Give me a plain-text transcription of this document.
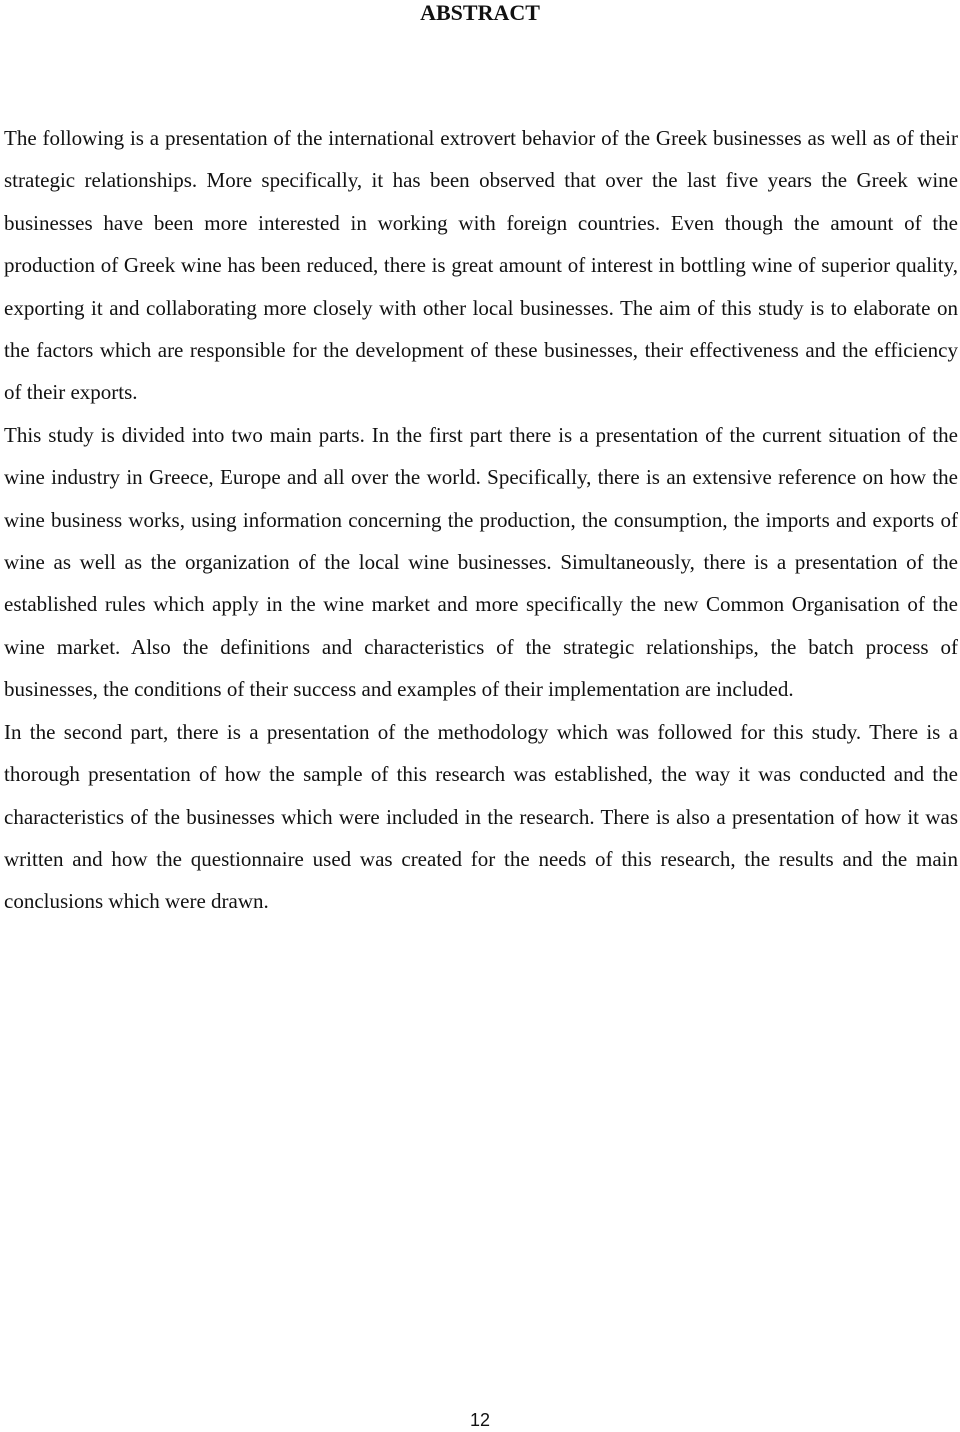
ABSTRACT

The following is a presentation of the international extrovert behavior of the Greek businesses as well as of their strategic relationships. More specifically, it has been observed that over the last five years the Greek wine businesses have been more interested in working with foreign countries. Even though the amount of the production of Greek wine has been reduced, there is great amount of interest in bottling wine of superior quality, exporting it and collaborating more closely with other local businesses. The aim of this study is to elaborate on the factors which are responsible for the development of these businesses, their effectiveness and the efficiency of their exports.

This study is divided into two main parts. In the first part there is a presentation of the current situation of the wine industry in Greece, Europe and all over the world. Specifically, there is an extensive reference on how the wine business works, using information concerning the production, the consumption, the imports and exports of wine as well as the organization of the local wine businesses. Simultaneously, there is a presentation of the established rules which apply in the wine market and more specifically the new Common Organisation of the wine market. Also the definitions and characteristics of the strategic relationships, the batch process of businesses, the conditions of their success and examples of their implementation are included.

In the second part, there is a presentation of the methodology which was followed for this study. There is a thorough presentation of how the sample of this research was established, the way it was conducted and the characteristics of the businesses which were included in the research. There is also a presentation of how it was written and how the questionnaire used was created for the needs of this research, the results and the main conclusions which were drawn.

12
